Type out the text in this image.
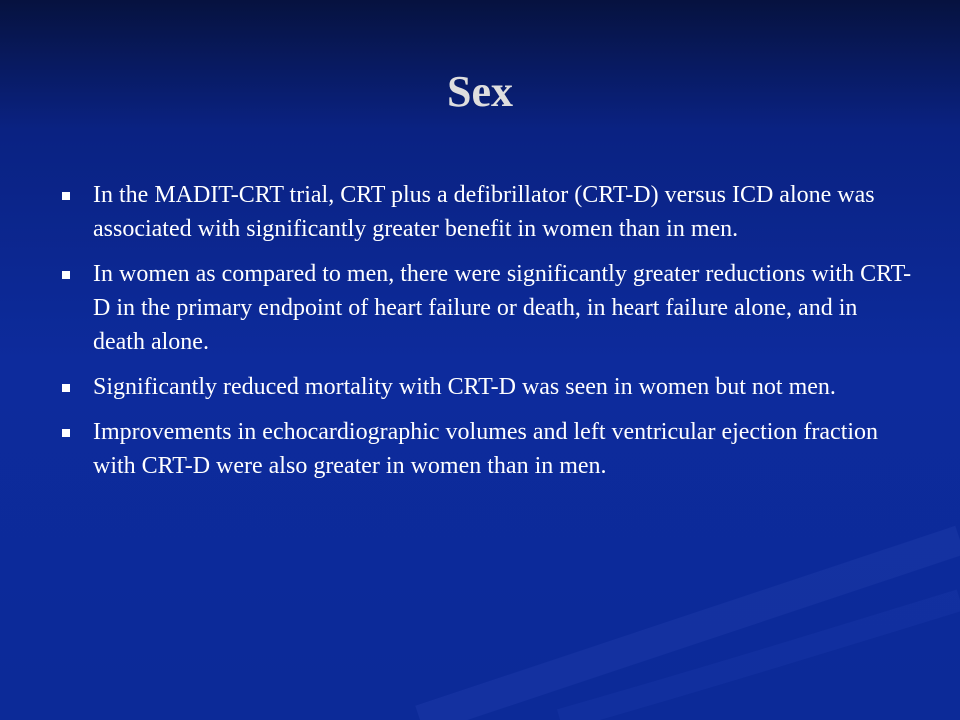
Sex
In the MADIT-CRT trial, CRT plus a defibrillator (CRT-D) versus ICD alone was associated with significantly greater benefit in women than in men.
In women as compared to men, there were significantly greater reductions with CRT-D in the primary endpoint of heart failure or death, in heart failure alone, and in death alone.
Significantly reduced mortality with CRT-D was seen in women but not men.
Improvements in echocardiographic volumes and left ventricular ejection fraction with CRT-D were also greater in women than in men.
